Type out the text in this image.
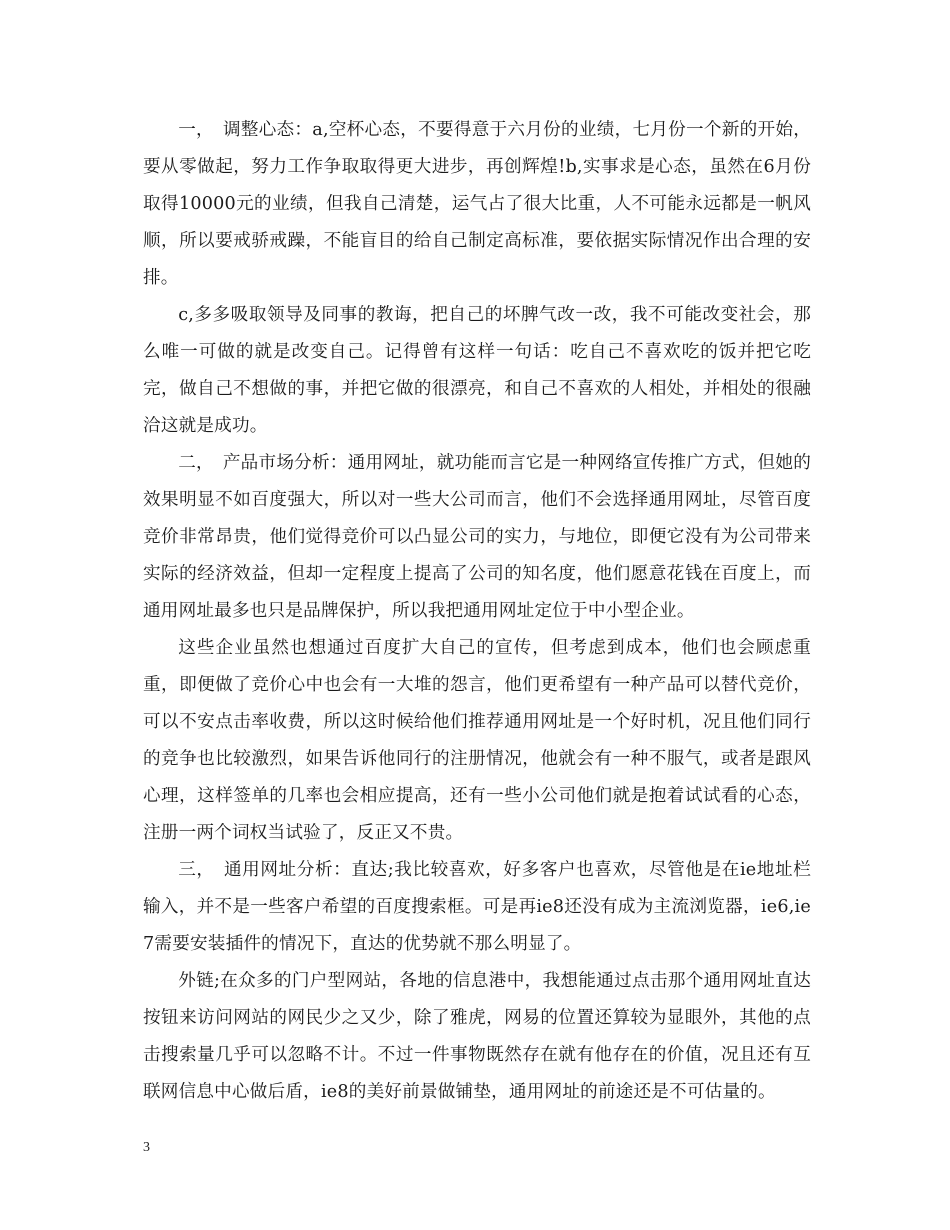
一，　调整心态：a,空杯心态，不要得意于六月份的业绩，七月份一个新的开始，要从零做起，努力工作争取取得更大进步，再创辉煌!b,实事求是心态，虽然在6月份取得10000元的业绩，但我自己清楚，运气占了很大比重，人不可能永远都是一帆风顺，所以要戒骄戒躁，不能盲目的给自己制定高标准，要依据实际情况作出合理的安排。

c,多多吸取领导及同事的教诲，把自己的坏脾气改一改，我不可能改变社会，那么唯一可做的就是改变自己。记得曾有这样一句话：吃自己不喜欢吃的饭并把它吃完，做自己不想做的事，并把它做的很漂亮，和自己不喜欢的人相处，并相处的很融洽这就是成功。

二，　产品市场分析：通用网址，就功能而言它是一种网络宣传推广方式，但她的效果明显不如百度强大，所以对一些大公司而言，他们不会选择通用网址，尽管百度竞价非常昂贵，他们觉得竞价可以凸显公司的实力，与地位，即便它没有为公司带来实际的经济效益，但却一定程度上提高了公司的知名度，他们愿意花钱在百度上，而通用网址最多也只是品牌保护，所以我把通用网址定位于中小型企业。

这些企业虽然也想通过百度扩大自己的宣传，但考虑到成本，他们也会顾虑重重，即便做了竞价心中也会有一大堆的怨言，他们更希望有一种产品可以替代竞价，可以不安点击率收费，所以这时候给他们推荐通用网址是一个好时机，况且他们同行的竞争也比较激烈，如果告诉他同行的注册情况，他就会有一种不服气，或者是跟风心理，这样签单的几率也会相应提高，还有一些小公司他们就是抱着试试看的心态，注册一两个词权当试验了，反正又不贵。

三，　通用网址分析：直达;我比较喜欢，好多客户也喜欢，尽管他是在ie地址栏输入，并不是一些客户希望的百度搜索框。可是再ie8还没有成为主流浏览器，ie6,ie7需要安装插件的情况下，直达的优势就不那么明显了。

外链;在众多的门户型网站，各地的信息港中，我想能通过点击那个通用网址直达按钮来访问网站的网民少之又少，除了雅虎，网易的位置还算较为显眼外，其他的点击搜索量几乎可以忽略不计。不过一件事物既然存在就有他存在的价值，况且还有互联网信息中心做后盾，ie8的美好前景做铺垫，通用网址的前途还是不可估量的。

3
